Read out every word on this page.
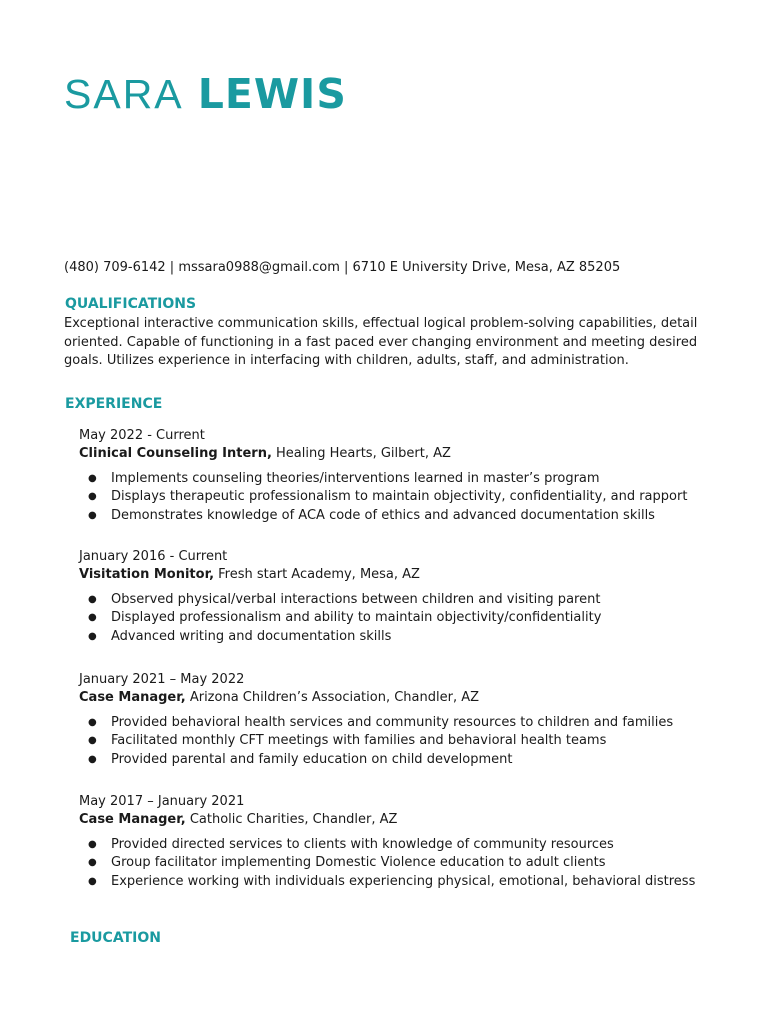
SARA LEWIS
(480) 709-6142 | mssara0988@gmail.com | 6710 E University Drive, Mesa, AZ 85205
QUALIFICATIONS
Exceptional interactive communication skills, effectual logical problem-solving capabilities, detail oriented. Capable of functioning in a fast paced ever changing environment and meeting desired goals. Utilizes experience in interfacing with children, adults, staff, and administration.
EXPERIENCE
May 2022 - Current
Clinical Counseling Intern, Healing Hearts, Gilbert, AZ
● Implements counseling theories/interventions learned in master’s program
● Displays therapeutic professionalism to maintain objectivity, confidentiality, and rapport
● Demonstrates knowledge of ACA code of ethics and advanced documentation skills
January 2016 - Current
Visitation Monitor, Fresh start Academy, Mesa, AZ
● Observed physical/verbal interactions between children and visiting parent
● Displayed professionalism and ability to maintain objectivity/confidentiality
● Advanced writing and documentation skills
January 2021 – May 2022
Case Manager, Arizona Children’s Association, Chandler, AZ
● Provided behavioral health services and community resources to children and families
● Facilitated monthly CFT meetings with families and behavioral health teams
● Provided parental and family education on child development
May 2017 – January 2021
Case Manager, Catholic Charities, Chandler, AZ
● Provided directed services to clients with knowledge of community resources
● Group facilitator implementing Domestic Violence education to adult clients
● Experience working with individuals experiencing physical, emotional, behavioral distress
EDUCATION
